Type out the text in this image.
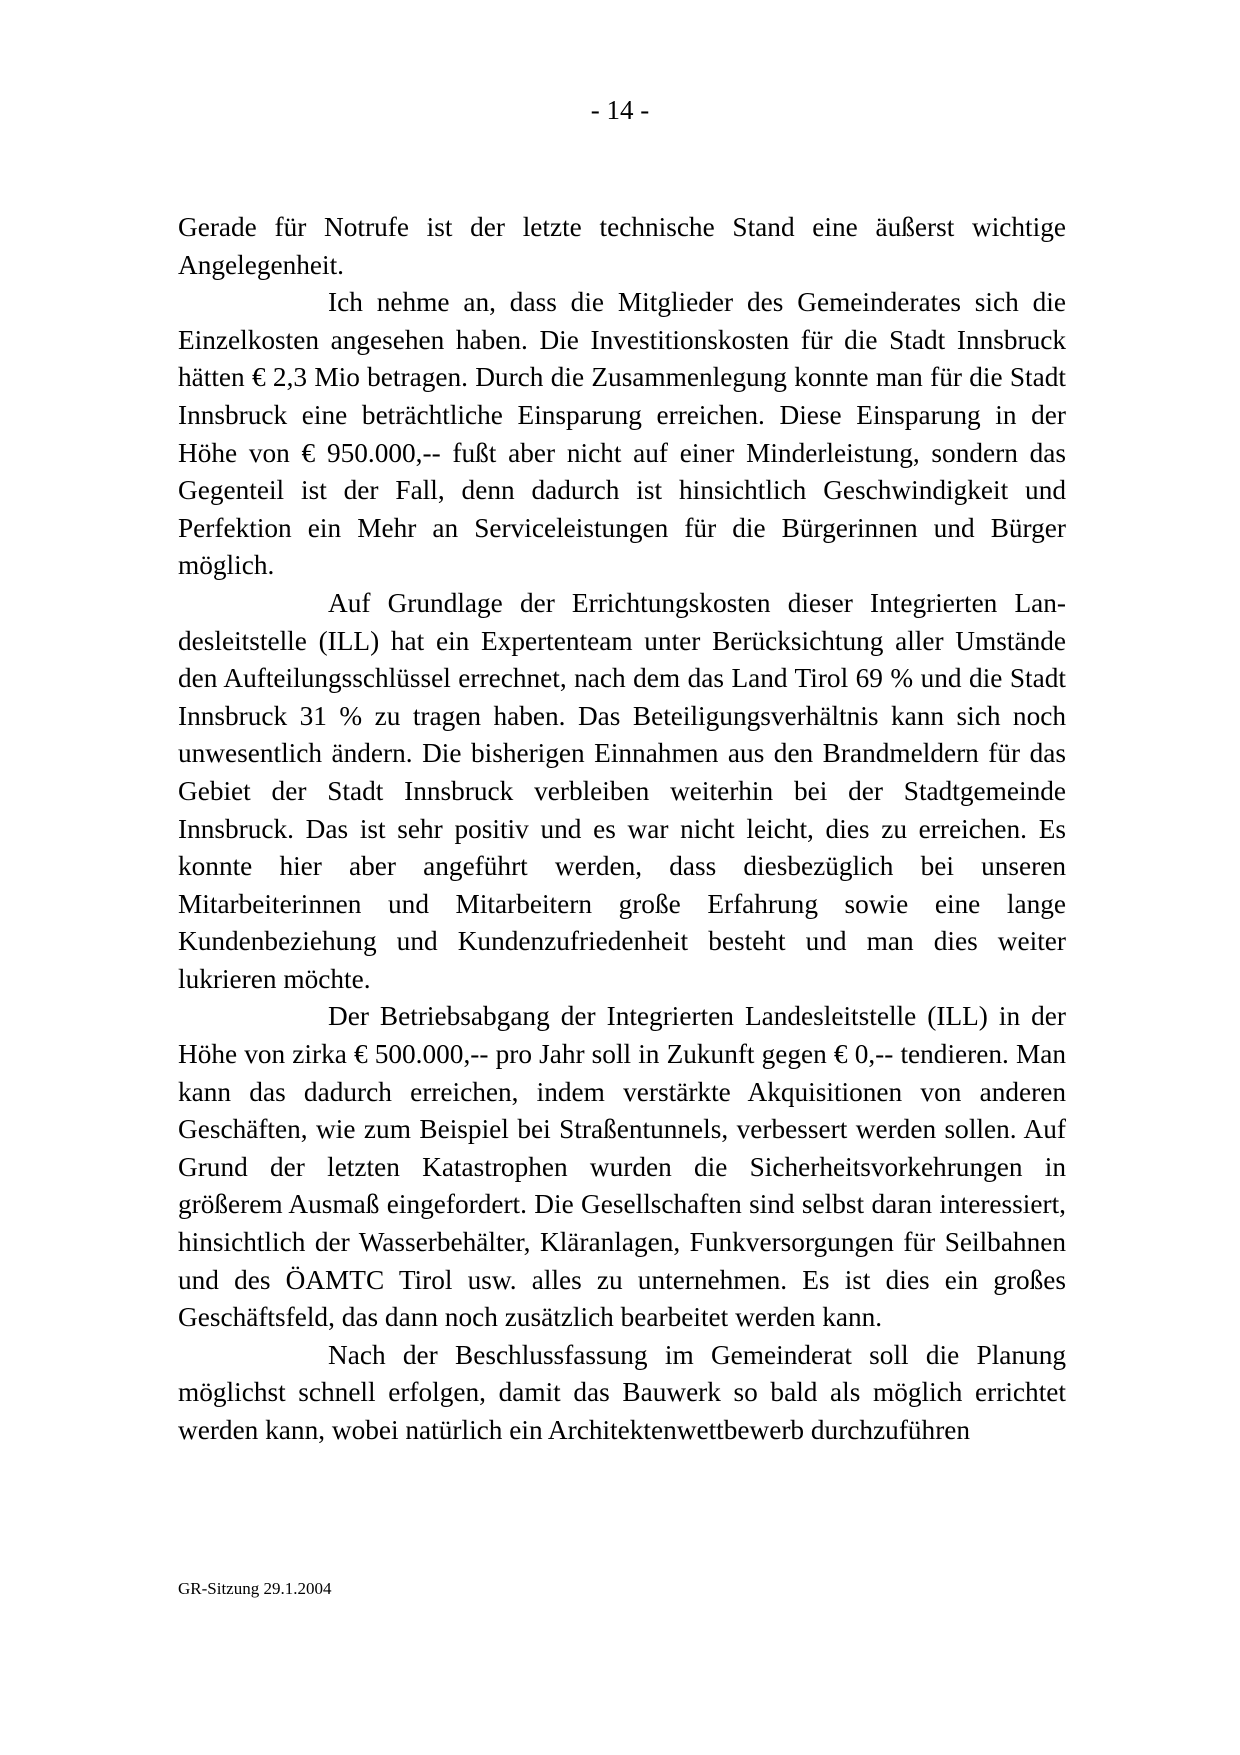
- 14 -

Gerade für Notrufe ist der letzte technische Stand eine äußerst wichtige Angelegenheit.

Ich nehme an, dass die Mitglieder des Gemeinderates sich die Einzelkosten angesehen haben. Die Investitionskosten für die Stadt Innsbruck hätten € 2,3 Mio betragen. Durch die Zusammenlegung konnte man für die Stadt Innsbruck eine beträchtliche Einsparung erreichen. Diese Einsparung in der Höhe von € 950.000,-- fußt aber nicht auf einer Minderleistung, sondern das Gegenteil ist der Fall, denn dadurch ist hinsichtlich Geschwindigkeit und Perfektion ein Mehr an Serviceleistungen für die Bürgerinnen und Bürger möglich.

Auf Grundlage der Errichtungskosten dieser Integrierten Landesleitstelle (ILL) hat ein Expertenteam unter Berücksichtung aller Umstände den Aufteilungsschlüssel errechnet, nach dem das Land Tirol 69 % und die Stadt Innsbruck 31 % zu tragen haben. Das Beteiligungsverhältnis kann sich noch unwesentlich ändern. Die bisherigen Einnahmen aus den Brandmeldern für das Gebiet der Stadt Innsbruck verbleiben weiterhin bei der Stadtgemeinde Innsbruck. Das ist sehr positiv und es war nicht leicht, dies zu erreichen. Es konnte hier aber angeführt werden, dass diesbezüglich bei unseren Mitarbeiterinnen und Mitarbeitern große Erfahrung sowie eine lange Kundenbeziehung und Kundenzufriedenheit besteht und man dies weiter lukrieren möchte.

Der Betriebsabgang der Integrierten Landesleitstelle (ILL) in der Höhe von zirka € 500.000,-- pro Jahr soll in Zukunft gegen € 0,-- tendieren. Man kann das dadurch erreichen, indem verstärkte Akquisitionen von anderen Geschäften, wie zum Beispiel bei Straßentunnels, verbessert werden sollen. Auf Grund der letzten Katastrophen wurden die Sicherheitsvorkehrungen in größerem Ausmaß eingefordert. Die Gesellschaften sind selbst daran interessiert, hinsichtlich der Wasserbehälter, Kläranlagen, Funkversorgungen für Seilbahnen und des ÖAMTC Tirol usw. alles zu unternehmen. Es ist dies ein großes Geschäftsfeld, das dann noch zusätzlich bearbeitet werden kann.

Nach der Beschlussfassung im Gemeinderat soll die Planung möglichst schnell erfolgen, damit das Bauwerk so bald als möglich errichtet werden kann, wobei natürlich ein Architektenwettbewerb durchzuführen

GR-Sitzung 29.1.2004
